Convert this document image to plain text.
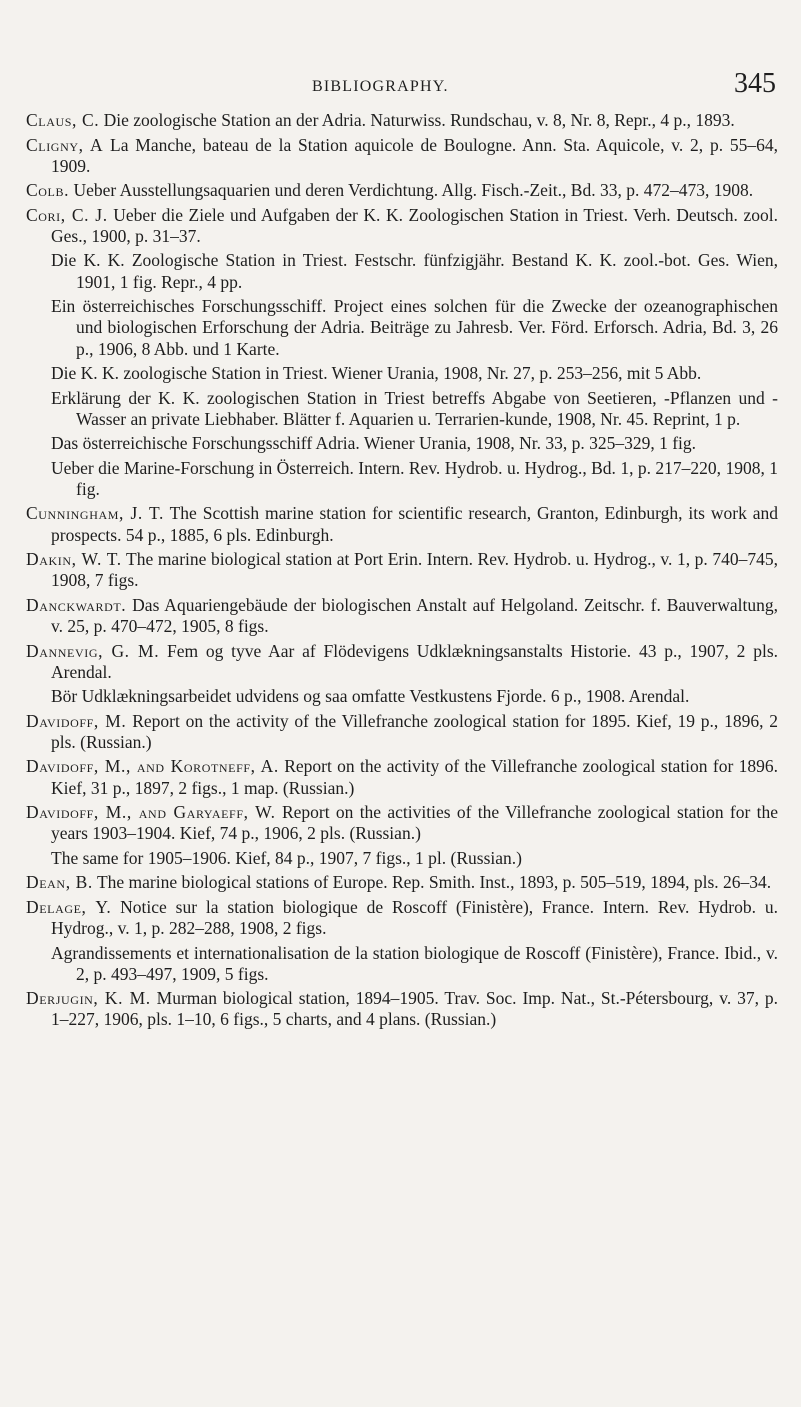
BIBLIOGRAPHY.	345

Claus, C. Die zoologische Station an der Adria. Naturwiss. Rundschau, v. 8, Nr. 8, Repr., 4 p., 1893.

Cligny, A La Manche, bateau de la Station aquicole de Boulogne. Ann. Sta. Aquicole, v. 2, p. 55–64, 1909.

Colb. Ueber Ausstellungsaquarien und deren Verdichtung. Allg. Fisch.-Zeit., Bd. 33, p. 472–473, 1908.

Cori, C. J. Ueber die Ziele und Aufgaben der K. K. Zoologischen Station in Triest. Verh. Deutsch. zool. Ges., 1900, p. 31–37.

Die K. K. Zoologische Station in Triest. Festschr. fünfzigjähr. Bestand K. K. zool.-bot. Ges. Wien, 1901, 1 fig. Repr., 4 pp.

Ein österreichisches Forschungsschiff. Project eines solchen für die Zwecke der ozeanographischen und biologischen Erforschung der Adria. Beiträge zu Jahresb. Ver. Förd. Erforsch. Adria, Bd. 3, 26 p., 1906, 8 Abb. und 1 Karte.

Die K. K. zoologische Station in Triest. Wiener Urania, 1908, Nr. 27, p. 253–256, mit 5 Abb.

Erklärung der K. K. zoologischen Station in Triest betreffs Abgabe von Seetieren, -Pflanzen und -Wasser an private Liebhaber. Blätter f. Aquarien u. Terrarien-kunde, 1908, Nr. 45. Reprint, 1 p.

Das österreichische Forschungsschiff Adria. Wiener Urania, 1908, Nr. 33, p. 325–329, 1 fig.

Ueber die Marine-Forschung in Österreich. Intern. Rev. Hydrob. u. Hydrog., Bd. 1, p. 217–220, 1908, 1 fig.

Cunningham, J. T. The Scottish marine station for scientific research, Granton, Edinburgh, its work and prospects. 54 p., 1885, 6 pls. Edinburgh.

Dakin, W. T. The marine biological station at Port Erin. Intern. Rev. Hydrob. u. Hydrog., v. 1, p. 740–745, 1908, 7 figs.

Danckwardt. Das Aquariengebäude der biologischen Anstalt auf Helgoland. Zeitschr. f. Bauverwaltung, v. 25, p. 470–472, 1905, 8 figs.

Dannevig, G. M. Fem og tyve Aar af Flödevigens Udklækningsanstalts Historie. 43 p., 1907, 2 pls. Arendal.

Bör Udklækningsarbeidet udvidens og saa omfatte Vestkustens Fjorde. 6 p., 1908. Arendal.

Davidoff, M. Report on the activity of the Villefranche zoological station for 1895. Kief, 19 p., 1896, 2 pls. (Russian.)

Davidoff, M., and Korotneff, A. Report on the activity of the Villefranche zoological station for 1896. Kief, 31 p., 1897, 2 figs., 1 map. (Russian.)

Davidoff, M., and Garyaeff, W. Report on the activities of the Villefranche zoological station for the years 1903–1904. Kief, 74 p., 1906, 2 pls. (Russian.)

The same for 1905–1906. Kief, 84 p., 1907, 7 figs., 1 pl. (Russian.)

Dean, B. The marine biological stations of Europe. Rep. Smith. Inst., 1893, p. 505–519, 1894, pls. 26–34.

Delage, Y. Notice sur la station biologique de Roscoff (Finistère), France. Intern. Rev. Hydrob. u. Hydrog., v. 1, p. 282–288, 1908, 2 figs.

Agrandissements et internationalisation de la station biologique de Roscoff (Finistère), France. Ibid., v. 2, p. 493–497, 1909, 5 figs.

Derjugin, K. M. Murman biological station, 1894–1905. Trav. Soc. Imp. Nat., St.-Pétersbourg, v. 37, p. 1–227, 1906, pls. 1–10, 6 figs., 5 charts, and 4 plans. (Russian.)
